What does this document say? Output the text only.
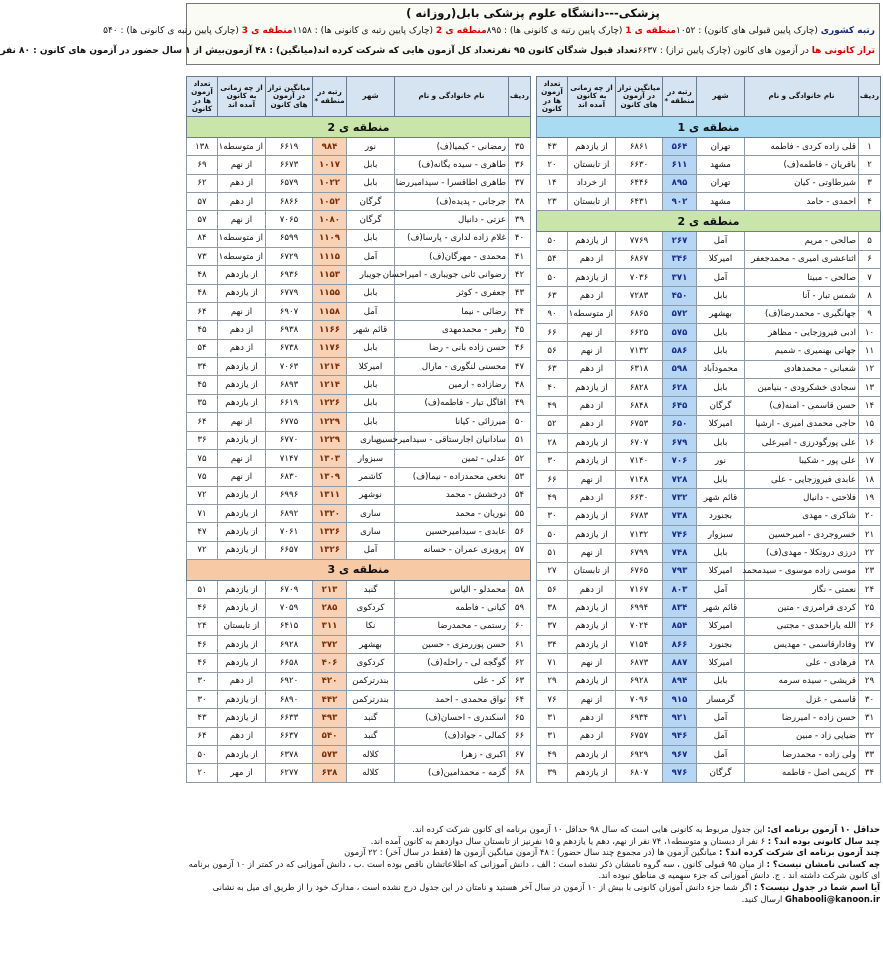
پزشکی---دانشگاه علوم پزشکی بابل(روزانه )
رتبه کشوری (چارک پایین قبولی های کانون) : ۱۰۵۲
منطقه ی 1 (چارک پایین رتبه ی کانونی ها) : ۸۹۵
منطقه ی 2 (چارک پایین رتبه ی کانونی ها) : ۱۱۵۸
منطقه ی 3 (چارک پایین رتبه ی کانونی ها) : ۵۴۰
تراز کانونی ها در آزمون های کانون (چارک پایین تراز) : ۶۶۳۷
تعداد قبول شدگان کانون ۹۵ نفر
تعداد کل آزمون هایی که شرکت کرده اند(میانگین) : ۴۸ آزمون
بیش از ۱ سال حضور در آزمون های کانون : ۸۰ نفر
ردیف	نام خانوادگی و نام	شهر	رتبه در منطقه *	میانگین تراز در آزمون های کانون	از چه زمانی به کانون آمده اند	تعداد آزمون ها در کانون
منطقه ی 1						
۱	قلی زاده کردی - فاطمه	تهران	۵۶۴	۶۸۶۱	از یازدهم	۴۳
۲	باقریان - فاطمه(ف)	مشهد	۶۱۱	۶۶۳۰	از تابستان	۲۰
۳	شیرطاوتی - کیان	تهران	۸۹۵	۶۴۴۶	از خرداد	۱۴
۴	احمدی - حامد	مشهد	۹۰۲	۶۴۳۱	از تابستان	۲۳
منطقه ی 2						
۵	صالحی - مریم	آمل	۲۶۷	۷۷۶۹	از یازدهم	۵۰
۶	اثناعشری امیری - محمدجعفر	امیرکلا	۳۴۶	۶۸۶۷	از دهم	۵۴
۷	صالحی - مبینا	آمل	۳۷۱	۷۰۳۶	از یازدهم	۵۰
۸	شمس تبار - آنا	بابل	۴۵۰	۷۲۸۳	از دهم	۶۳
۹	جهانگیری - محمدرضا(ف)	بهشهر	۵۷۲	۶۸۶۵	از متوسطه۱	۹۰
۱۰	ادبی فیروزجایی - مظاهر	بابل	۵۷۵	۶۶۲۵	از نهم	۶۶
۱۱	جهانی بهنمیری - شمیم	بابل	۵۸۶	۷۱۳۲	از نهم	۵۶
۱۲	شعبانی - محمدهادی	محمودآباد	۵۹۸	۶۳۱۸	از دهم	۶۳
۱۳	سجادی خشکرودی - بنیامین	بابل	۶۲۸	۶۸۲۸	از یازدهم	۴۰
۱۴	حسن قاسمی - امنه(ف)	گرگان	۶۴۵	۶۸۴۸	از دهم	۴۹
۱۵	حاجی محمدی امیری - ارشیا	امیرکلا	۶۵۰	۶۷۵۳	از دهم	۵۲
۱۶	علی پورگودرزی - امیرعلی	بابل	۶۷۹	۶۷۰۷	از یازدهم	۲۸
۱۷	علی پور - شکیبا	نور	۷۰۶	۷۱۴۰	از یازدهم	۳۰
۱۸	عابدی فیروزجایی - علی	بابل	۷۲۸	۷۱۴۸	از نهم	۶۶
۱۹	فلاحتی - دانیال	قائم شهر	۷۳۲	۶۶۳۰	از دهم	۴۹
۲۰	شاکری - مهدی	بجنورد	۷۳۸	۶۷۸۳	از یازدهم	۳۰
۲۱	خسروجردی - امیرحسین	سبزوار	۷۴۶	۷۱۳۲	از یازدهم	۵۰
۲۲	درزی درونکلا - مهدی(ف)	بابل	۷۴۸	۶۷۹۹	از نهم	۵۱
۲۳	موسی زاده موسوی - سیدمحمد	امیرکلا	۷۹۳	۶۷۶۵	از تابستان	۲۷
۲۴	نعمتی - نگار	آمل	۸۰۳	۷۱۶۷	از دهم	۵۶
۲۵	کردی فرامرزی - متین	قائم شهر	۸۳۴	۶۹۹۴	از یازدهم	۳۸
۲۶	الله یاراحمدی - مجتبی	امیرکلا	۸۵۴	۷۰۲۴	از یازدهم	۳۷
۲۷	وفادارقاسمی - مهدیس	بجنورد	۸۶۶	۷۱۵۴	از یازدهم	۳۴
۲۸	فرهادی - علی	امیرکلا	۸۸۷	۶۸۷۳	از نهم	۷۱
۲۹	قریشی - سیده سرمه	بابل	۸۹۴	۶۹۲۸	از یازدهم	۲۹
۳۰	قاسمی - غزل	گرمسار	۹۱۵	۷۰۹۶	از نهم	۷۶
۳۱	حسن زاده - امیررضا	آمل	۹۲۱	۶۹۳۴	از دهم	۳۱
۳۲	ضیایی زاد - مبین	آمل	۹۴۶	۶۷۵۷	از دهم	۳۱
۳۳	ولی زاده - محمدرضا	آمل	۹۶۷	۶۹۲۹	از یازدهم	۴۹
۳۴	کریمی اصل - فاطمه	گرگان	۹۷۶	۶۸۰۷	از یازدهم	۳۹
ردیف	نام خانوادگی و نام	شهر	رتبه در منطقه *	میانگین تراز در آزمون های کانون	از چه زمانی به کانون آمده اند	تعداد آزمون ها در کانون
منطقه ی 2						
۳۵	رمضانی - کیمیا(ف)	نور	۹۸۴	۶۶۱۹	از متوسطه۱	۱۳۸
۳۶	طاهری - سیده یگانه(ف)	بابل	۱۰۱۷	۶۶۷۳	از نهم	۶۹
۳۷	طاهری اطاقسرا - سیدامیررضا	بابل	۱۰۲۲	۶۵۷۹	از دهم	۶۲
۳۸	جرجانی - پدیده(ف)	گرگان	۱۰۵۲	۶۸۶۶	از دهم	۵۷
۳۹	عزتی - دانیال	گرگان	۱۰۸۰	۷۰۶۵	از نهم	۵۷
۴۰	غلام زاده لداری - پارسا(ف)	بابل	۱۱۰۹	۶۵۹۹	از متوسطه۱	۸۴
۴۱	محمدی - مهرگان(ف)	آمل	۱۱۱۵	۶۷۲۹	از متوسطه۱	۷۳
۴۲	رضوانی ثانی جویباری - امیراحسان	جویبار	۱۱۵۳	۶۹۳۶	از یازدهم	۴۸
۴۳	جعفری - کوثر	بابل	۱۱۵۵	۶۷۷۹	از یازدهم	۴۸
۴۴	رضائی - نیما	آمل	۱۱۵۸	۶۹۰۷	از نهم	۶۴
۴۵	رهبر - محمدمهدی	قائم شهر	۱۱۶۶	۶۹۳۸	از دهم	۴۵
۴۶	حسن زاده بانی - رضا	بابل	۱۱۷۶	۶۷۳۸	از دهم	۵۴
۴۷	محسنی لنگوری - مارال	امیرکلا	۱۲۱۴	۷۰۶۳	از یازدهم	۳۴
۴۸	رضازاده - ارمین	بابل	۱۲۱۴	۶۸۹۳	از یازدهم	۴۵
۴۹	افاگل تبار - فاطمه(ف)	بابل	۱۲۲۶	۶۶۱۹	از یازدهم	۳۵
۵۰	میرزائی - کیانا	بابل	۱۲۲۹	۶۷۷۵	از نهم	۶۴
۵۱	سادانیان اجارستاقی - سیدامیرحسین	ساری	۱۲۲۹	۶۷۷۰	از یازدهم	۳۶
۵۲	عدلی - ثمین	سبزوار	۱۳۰۳	۷۱۴۷	از نهم	۷۵
۵۳	نخعی محمدزاده - نیما(ف)	کاشمر	۱۳۰۹	۶۸۳۰	از نهم	۷۵
۵۴	درخشش - محمد	نوشهر	۱۳۱۱	۶۹۹۶	از یازدهم	۷۲
۵۵	نوریان - محمد	ساری	۱۳۲۰	۶۸۹۲	از یازدهم	۷۱
۵۶	عابدی - سیدامیرحسین	ساری	۱۳۲۶	۷۰۶۱	از یازدهم	۴۷
۵۷	پرویزی عمران - حسانه	آمل	۱۳۲۶	۶۶۵۷	از یازدهم	۷۲
منطقه ی 3						
۵۸	محمدلو - الیاس	گنبد	۲۱۳	۶۷۰۹	از یازدهم	۵۱
۵۹	کیانی - فاطمه	کردکوی	۲۸۵	۷۰۵۹	از یازدهم	۴۶
۶۰	رستمی - محمدرضا	نکا	۳۱۱	۶۴۱۵	از تابستان	۲۴
۶۱	حسن پوررمزی - حسین	بهشهر	۳۷۲	۶۹۲۸	از یازدهم	۴۶
۶۲	گوگجه لی - راحله(ف)	کردکوی	۴۰۶	۶۶۵۸	از یازدهم	۴۶
۶۳	کر - علی	بندرترکمن	۴۲۰	۶۹۲۰	از دهم	۳۰
۶۴	تواق محمدی - احمد	بندرترکمن	۴۴۲	۶۸۹۰	از یازدهم	۳۰
۶۵	اسکندری - احسان(ف)	گنبد	۴۹۳	۶۶۳۳	از یازدهم	۴۳
۶۶	کمالی - جواد(ف)	گنبد	۵۴۰	۶۶۳۷	از دهم	۶۴
۶۷	اکبری - زهرا	کلاله	۵۷۳	۶۳۷۸	از یازدهم	۵۰
۶۸	گزمه - محمدامین(ف)	کلاله	۶۳۸	۶۲۷۷	از مهر	۲۰

حداقل ۱۰ آزمون برنامه ای: این جدول مربوط به کانونی هایی است که سال ۹۸ حداقل ۱۰ آزمون برنامه ای کانون شرکت کرده اند.

چند سال کانونی بوده اند؟ : ۶ نفر از دبستان و متوسطه۱، ۷۴ نفر از نهم، دهم یا یازدهم و ۱۵ نفرنیز از تابستان سال دوازدهم به کانون آمده اند.

چند آزمون برنامه ای شرکت کرده اند؟ : میانگین آزمون ها (در مجموع چند سال حضور) : ۴۸ آزمون میانگین آزمون ها (فقط در سال آخر) : ۲۲ آزمون

چه کسانی نامشان نیست؟ : از میان ۹۵ قبولی کانون ، سه گروه نامشان ذکر نشده است : الف ، دانش آموزانی که اطلاعاتشان ناقص بوده است .ب ، دانش آموزانی که در کمتر از ۱۰ آزمون برنامه ای کانون شرکت داشته اند . ج. دانش آموزانی که جزء سهمیه ی مناطق نبوده اند.

آیا اسم شما در جدول نیست؟ : اگر شما جزء دانش آموزان کانونی با بیش از ۱۰ آزمون در سال آخر هستید و نامتان در این جدول درج نشده است ، مدارک خود را از طریق ای میل به نشانی Ghabooli@kanoon.ir ارسال کنید.
